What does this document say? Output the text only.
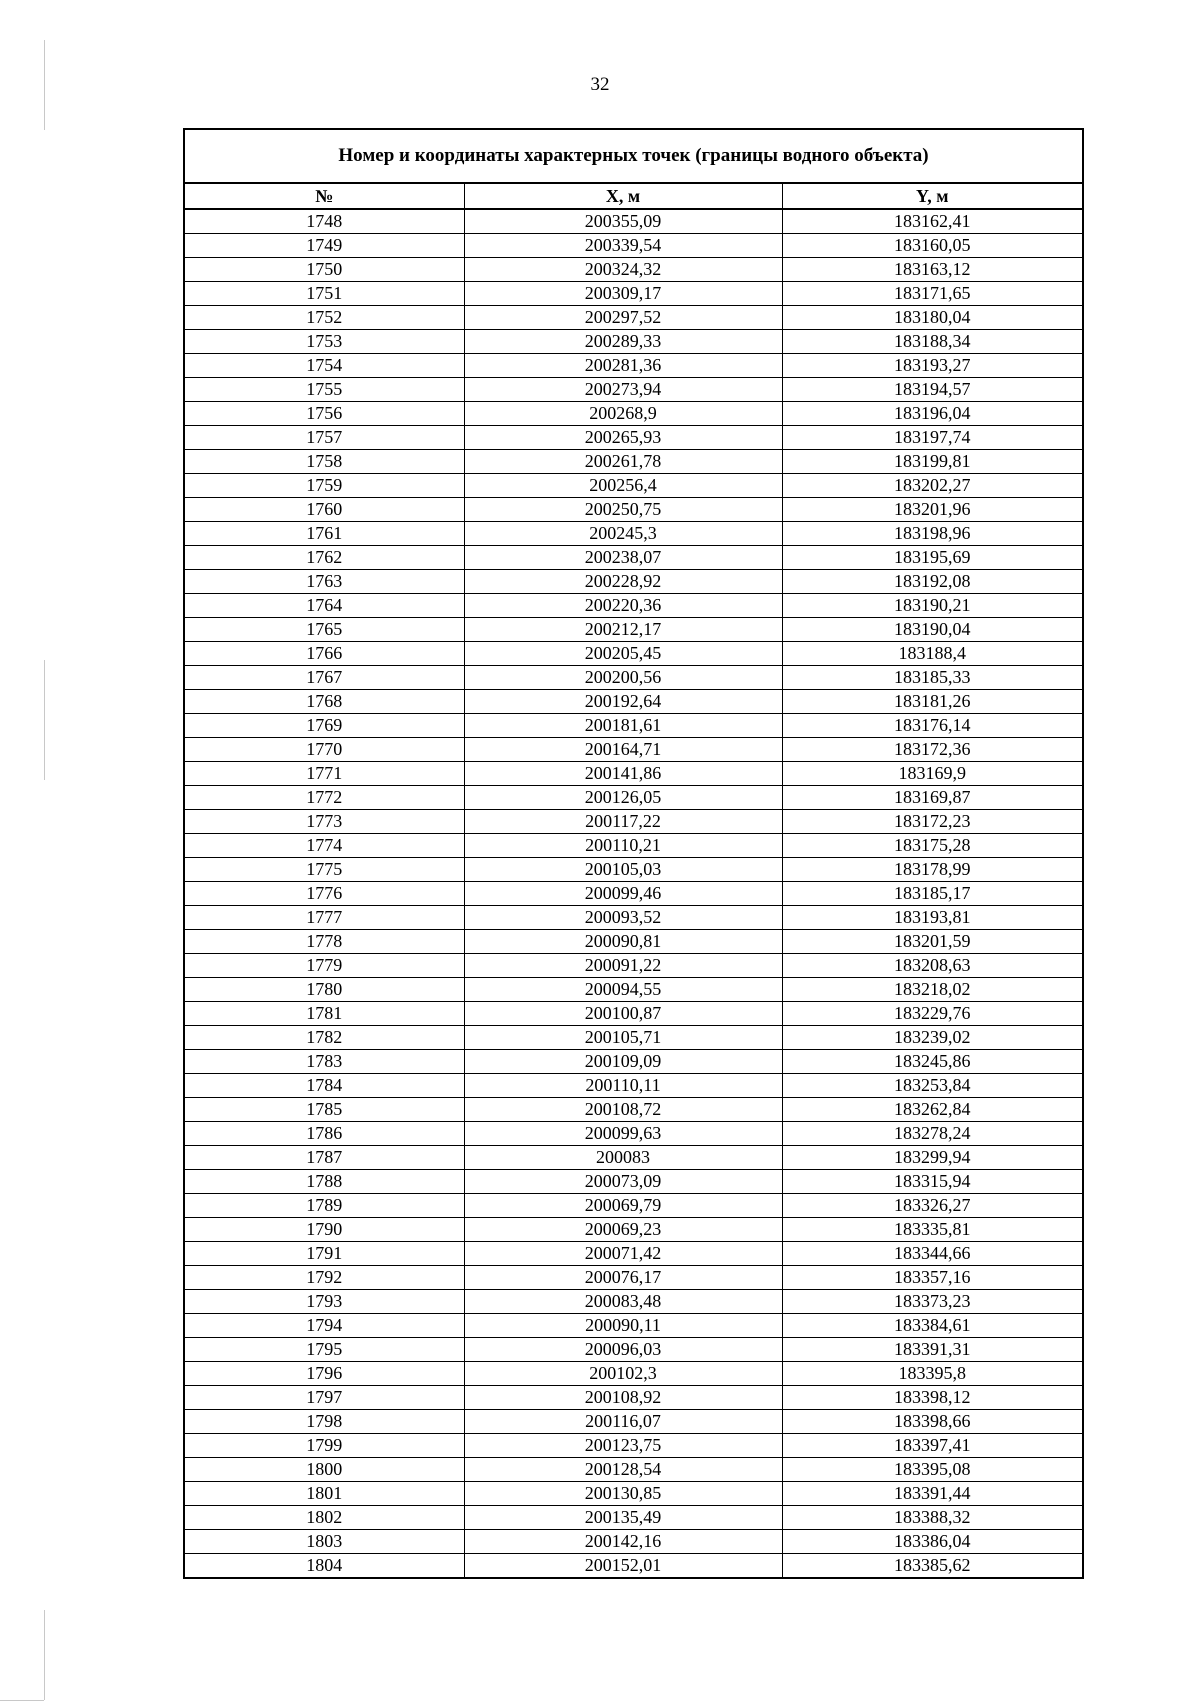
32
Номер и координаты характерных точек (границы водного объекта)		
№	X, м	Y, м
1748	200355,09	183162,41
1749	200339,54	183160,05
1750	200324,32	183163,12
1751	200309,17	183171,65
1752	200297,52	183180,04
1753	200289,33	183188,34
1754	200281,36	183193,27
1755	200273,94	183194,57
1756	200268,9	183196,04
1757	200265,93	183197,74
1758	200261,78	183199,81
1759	200256,4	183202,27
1760	200250,75	183201,96
1761	200245,3	183198,96
1762	200238,07	183195,69
1763	200228,92	183192,08
1764	200220,36	183190,21
1765	200212,17	183190,04
1766	200205,45	183188,4
1767	200200,56	183185,33
1768	200192,64	183181,26
1769	200181,61	183176,14
1770	200164,71	183172,36
1771	200141,86	183169,9
1772	200126,05	183169,87
1773	200117,22	183172,23
1774	200110,21	183175,28
1775	200105,03	183178,99
1776	200099,46	183185,17
1777	200093,52	183193,81
1778	200090,81	183201,59
1779	200091,22	183208,63
1780	200094,55	183218,02
1781	200100,87	183229,76
1782	200105,71	183239,02
1783	200109,09	183245,86
1784	200110,11	183253,84
1785	200108,72	183262,84
1786	200099,63	183278,24
1787	200083	183299,94
1788	200073,09	183315,94
1789	200069,79	183326,27
1790	200069,23	183335,81
1791	200071,42	183344,66
1792	200076,17	183357,16
1793	200083,48	183373,23
1794	200090,11	183384,61
1795	200096,03	183391,31
1796	200102,3	183395,8
1797	200108,92	183398,12
1798	200116,07	183398,66
1799	200123,75	183397,41
1800	200128,54	183395,08
1801	200130,85	183391,44
1802	200135,49	183388,32
1803	200142,16	183386,04
1804	200152,01	183385,62
